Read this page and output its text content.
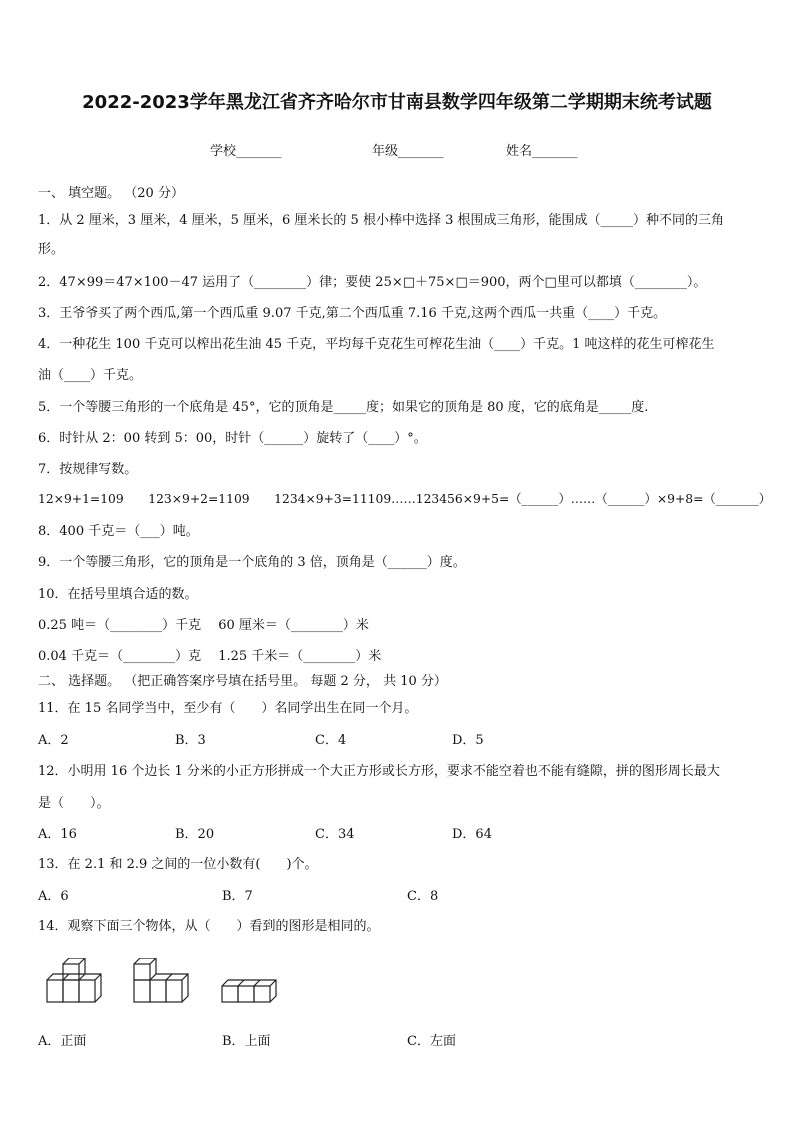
2022-2023学年黑龙江省齐齐哈尔市甘南县数学四年级第二学期期末统考试题
学校_______	年级_______	姓名_______
一、 填空题。 （20 分）
1．从 2 厘米，3 厘米，4 厘米，5 厘米，6 厘米长的 5 根小棒中选择 3 根围成三角形，能围成（_____）种不同的三角
形。
2．47×99＝47×100－47 运用了（________）律；要使 25×□＋75×□＝900，两个□里可以都填（________）。
3．王爷爷买了两个西瓜,第一个西瓜重 9.07 千克,第二个西瓜重 7.16 千克,这两个西瓜一共重（____）千克。
4．一种花生 100 千克可以榨出花生油 45 千克，平均每千克花生可榨花生油（____）千克。1 吨这样的花生可榨花生
油（____）千克。
5．一个等腰三角形的一个底角是 45°，它的顶角是_____度；如果它的顶角是 80 度，它的底角是_____度.
6．时针从 2：00 转到 5：00，时针（______）旋转了（____）°。
7．按规律写数。
12×9+1=109　　123×9+2=1109　　1234×9+3=11109……123456×9+5=（______）……（______）×9+8=（_______）
8．400 千克＝（___）吨。
9．一个等腰三角形，它的顶角是一个底角的 3 倍，顶角是（______）度。
10．在括号里填合适的数。
0.25 吨＝（________）千克　 60 厘米＝（________）米
0.04 千克＝（________）克　 1.25 千米＝（________）米
二、 选择题。 （把正确答案序号填在括号里。 每题 2 分， 共 10 分）
11．在 15 名同学当中，至少有（　　）名同学出生在同一个月。
A．2	B．3	C．4	D．5
12．小明用 16 个边长 1 分米的小正方形拼成一个大正方形或长方形，要求不能空着也不能有缝隙，拼的图形周长最大
是（　　）。
A．16	B．20	C．34	D．64
13．在 2.1 和 2.9 之间的一位小数有(　　)个。
A．6	B．7	C．8
14．观察下面三个物体，从（　　）看到的图形是相同的。
A．正面	B．上面	C．左面
